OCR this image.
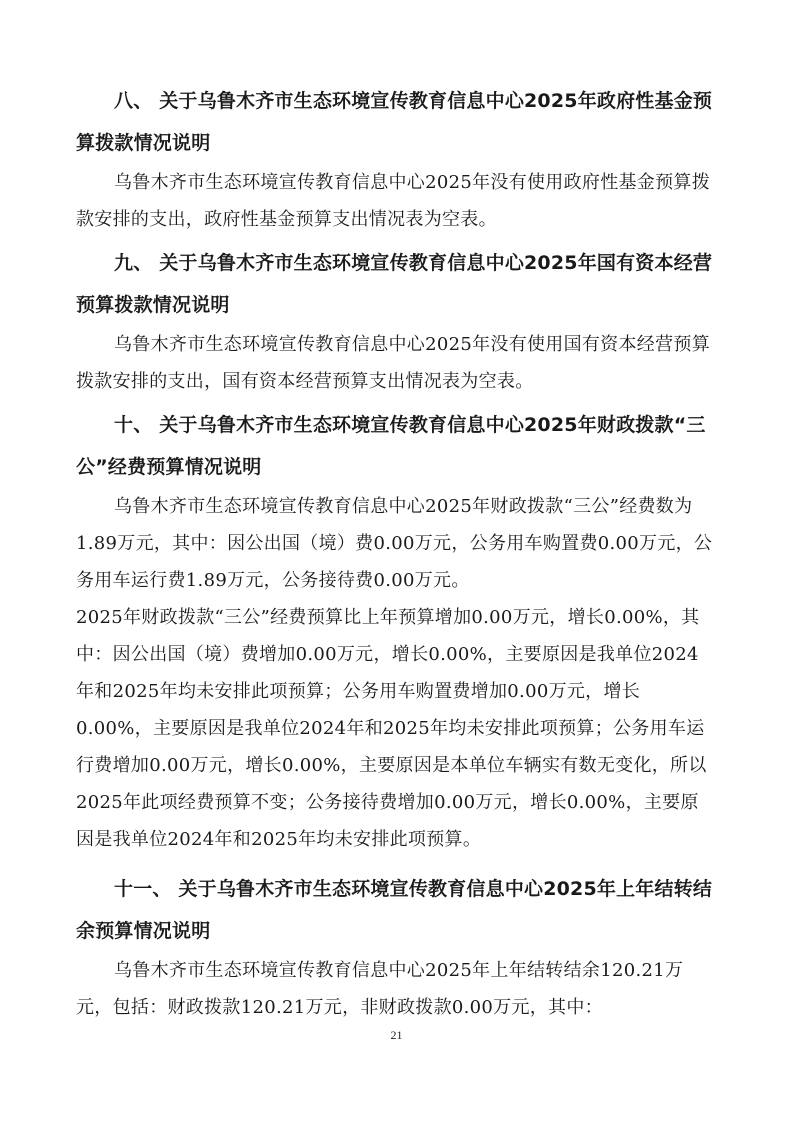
八、 关于乌鲁木齐市生态环境宣传教育信息中心2025年政府性基金预算拨款情况说明

乌鲁木齐市生态环境宣传教育信息中心2025年没有使用政府性基金预算拨款安排的支出，政府性基金预算支出情况表为空表。

九、 关于乌鲁木齐市生态环境宣传教育信息中心2025年国有资本经营预算拨款情况说明

乌鲁木齐市生态环境宣传教育信息中心2025年没有使用国有资本经营预算拨款安排的支出，国有资本经营预算支出情况表为空表。

十、 关于乌鲁木齐市生态环境宣传教育信息中心2025年财政拨款“三公”经费预算情况说明

乌鲁木齐市生态环境宣传教育信息中心2025年财政拨款“三公”经费数为1.89万元，其中：因公出国（境）费0.00万元，公务用车购置费0.00万元，公务用车运行费1.89万元，公务接待费0.00万元。

2025年财政拨款“三公”经费预算比上年预算增加0.00万元，增长0.00%，其中：因公出国（境）费增加0.00万元，增长0.00%，主要原因是我单位2024年和2025年均未安排此项预算；公务用车购置费增加0.00万元，增长0.00%，主要原因是我单位2024年和2025年均未安排此项预算；公务用车运行费增加0.00万元，增长0.00%，主要原因是本单位车辆实有数无变化，所以2025年此项经费预算不变；公务接待费增加0.00万元，增长0.00%，主要原因是我单位2024年和2025年均未安排此项预算。

十一、 关于乌鲁木齐市生态环境宣传教育信息中心2025年上年结转结余预算情况说明

乌鲁木齐市生态环境宣传教育信息中心2025年上年结转结余120.21万元，包括：财政拨款120.21万元，非财政拨款0.00万元，其中：

21
